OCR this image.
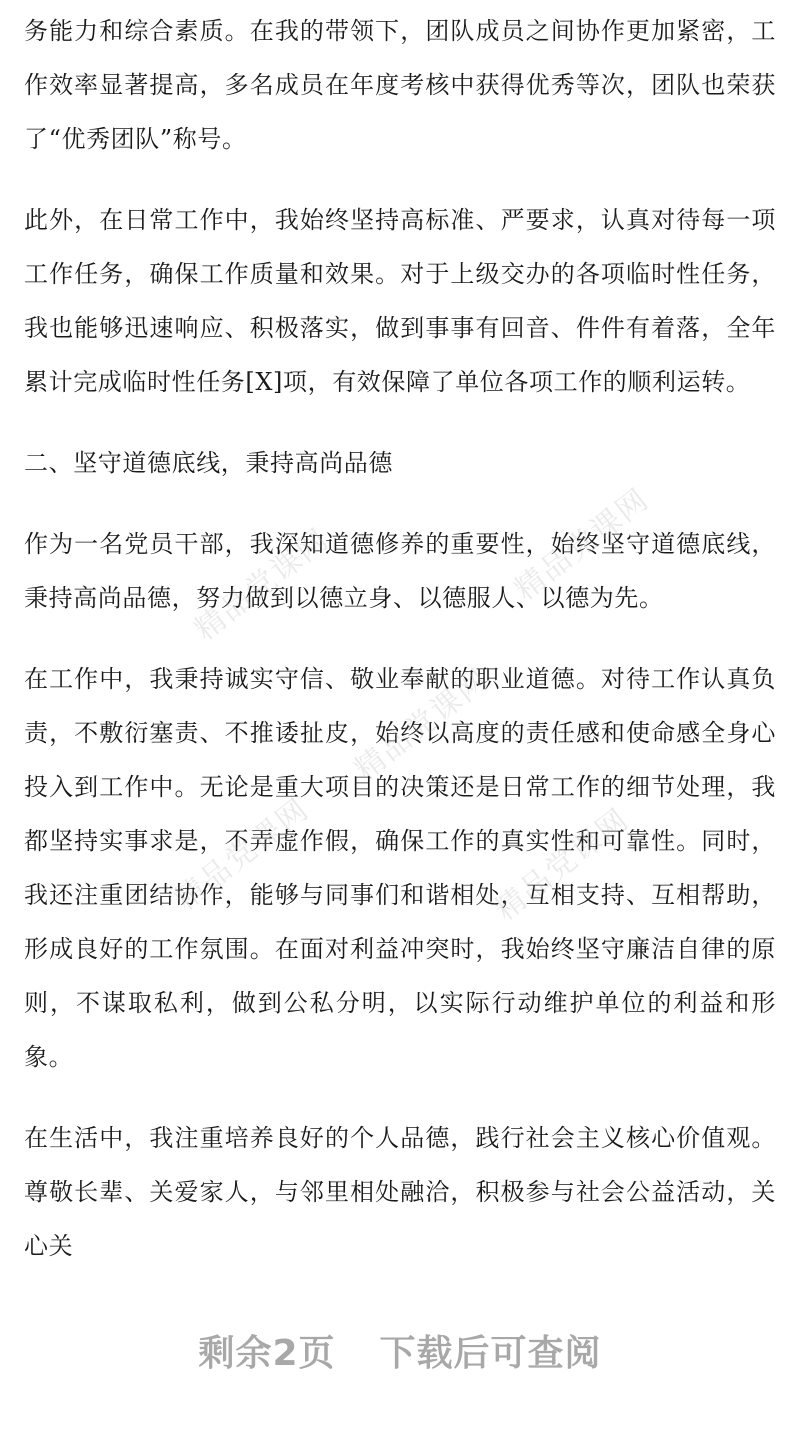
务能力和综合素质。在我的带领下，团队成员之间协作更加紧密，工作效率显著提高，多名成员在年度考核中获得优秀等次，团队也荣获了“优秀团队”称号。

此外，在日常工作中，我始终坚持高标准、严要求，认真对待每一项工作任务，确保工作质量和效果。对于上级交办的各项临时性任务，我也能够迅速响应、积极落实，做到事事有回音、件件有着落，全年累计完成临时性任务[X]项，有效保障了单位各项工作的顺利运转。

二、坚守道德底线，秉持高尚品德

作为一名党员干部，我深知道德修养的重要性，始终坚守道德底线，秉持高尚品德，努力做到以德立身、以德服人、以德为先。

在工作中，我秉持诚实守信、敬业奉献的职业道德。对待工作认真负责，不敷衍塞责、不推诿扯皮，始终以高度的责任感和使命感全身心投入到工作中。无论是重大项目的决策还是日常工作的细节处理，我都坚持实事求是，不弄虚作假，确保工作的真实性和可靠性。同时，我还注重团结协作，能够与同事们和谐相处，互相支持、互相帮助，形成良好的工作氛围。在面对利益冲突时，我始终坚守廉洁自律的原则，不谋取私利，做到公私分明，以实际行动维护单位的利益和形象。

在生活中，我注重培养良好的个人品德，践行社会主义核心价值观。尊敬长辈、关爱家人，与邻里相处融洽，积极参与社会公益活动，关心关

精品党课网	精品党课网
精品党课网
精品党课网	精品党课网
剩余2页 下载后可查阅
